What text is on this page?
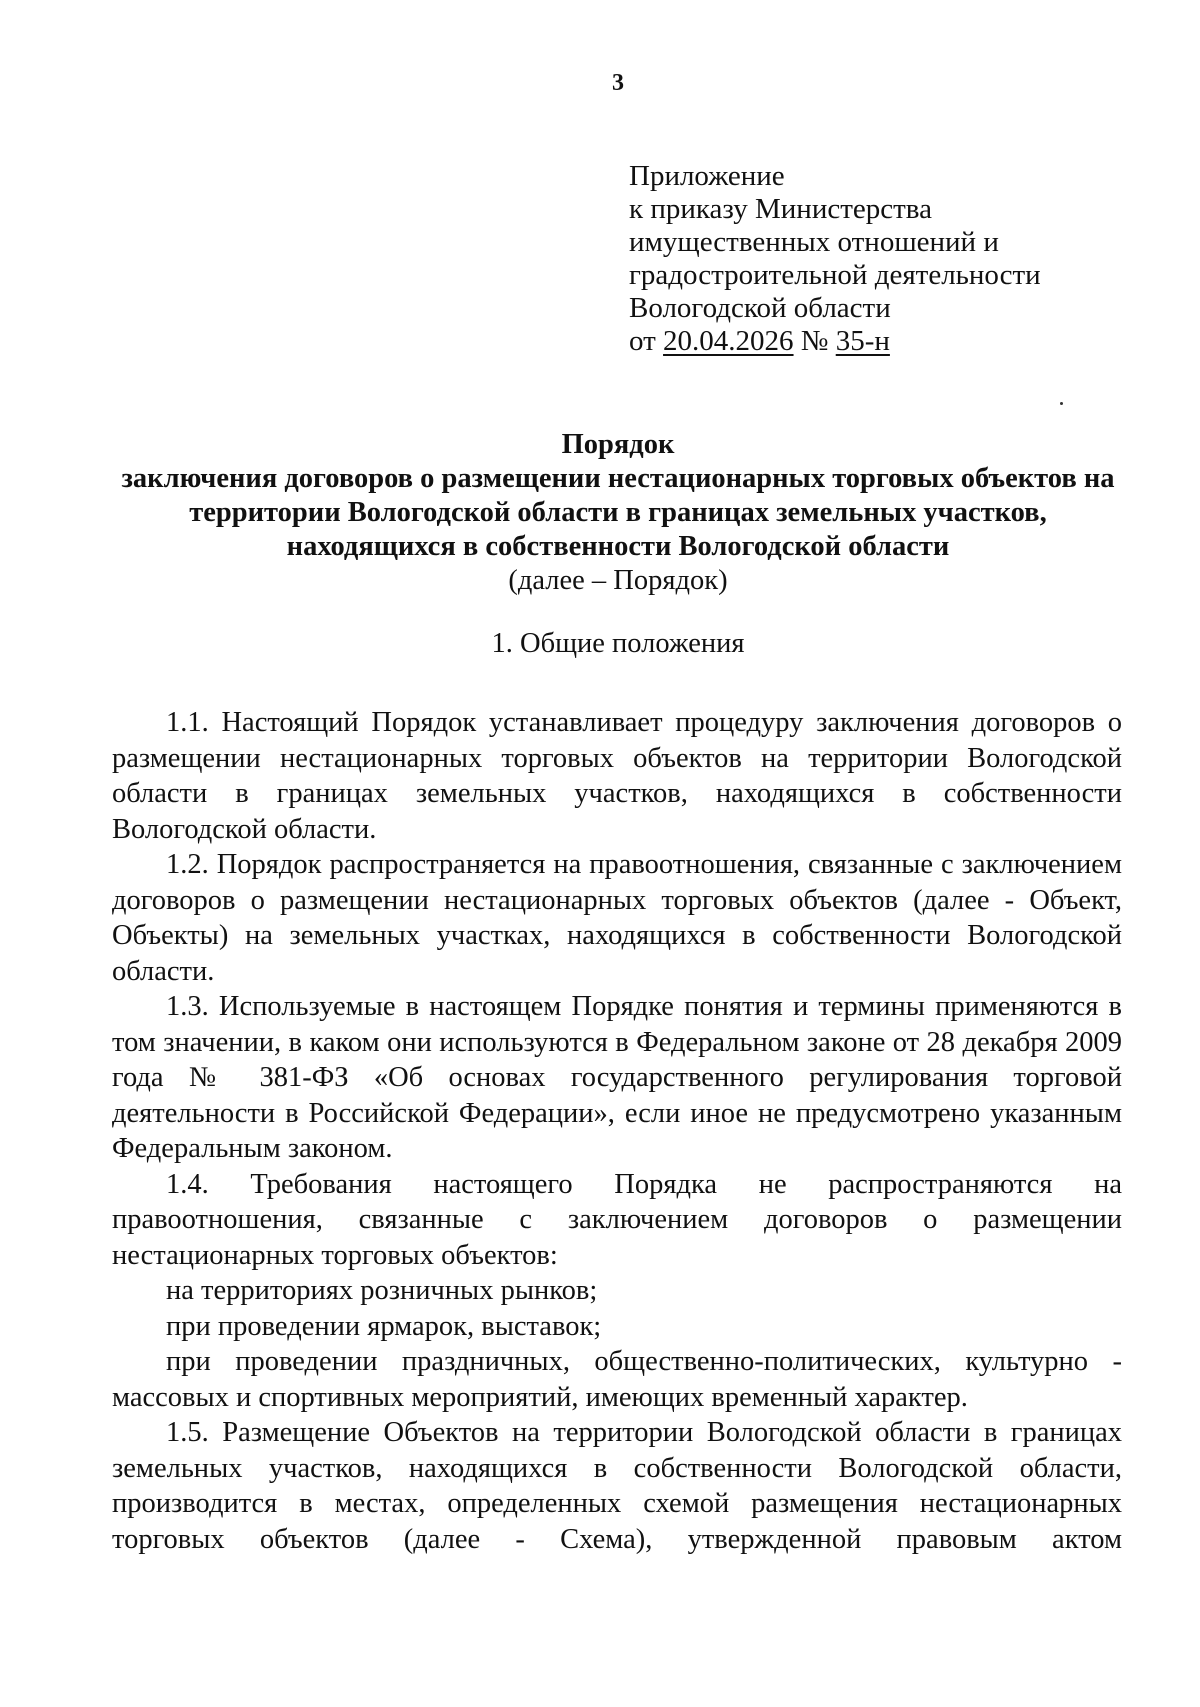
3
Приложение
к приказу Министерства
имущественных отношений и
градостроительной деятельности
Вологодской области
от 20.04.2026 № 35-н
Порядок
заключения договоров о размещении нестационарных торговых объектов на
территории Вологодской области в границах земельных участков,
находящихся в собственности Вологодской области
(далее – Порядок)
1. Общие положения

1.1. Настоящий Порядок устанавливает процедуру заключения договоров о размещении нестационарных торговых объектов на территории Вологодской области в границах земельных участков, находящихся в собственности Вологодской области.

1.2. Порядок распространяется на правоотношения, связанные с заключением договоров о размещении нестационарных торговых объектов (далее - Объект, Объекты) на земельных участках, находящихся в собственности Вологодской области.

1.3. Используемые в настоящем Порядке понятия и термины применяются в том значении, в каком они используются в Федеральном законе от 28 декабря 2009 года № 381-ФЗ «Об основах государственного регулирования торговой деятельности в Российской Федерации», если иное не предусмотрено указанным Федеральным законом.

1.4. Требования настоящего Порядка не распространяются на правоотношения, связанные с заключением договоров о размещении нестационарных торговых объектов:

на территориях розничных рынков;

при проведении ярмарок, выставок;

при проведении праздничных, общественно-политических, культурно - массовых и спортивных мероприятий, имеющих временный характер.

1.5. Размещение Объектов на территории Вологодской области в границах земельных участков, находящихся в собственности Вологодской области, производится в местах, определенных схемой размещения нестационарных торговых объектов (далее - Схема), утвержденной правовым актом
